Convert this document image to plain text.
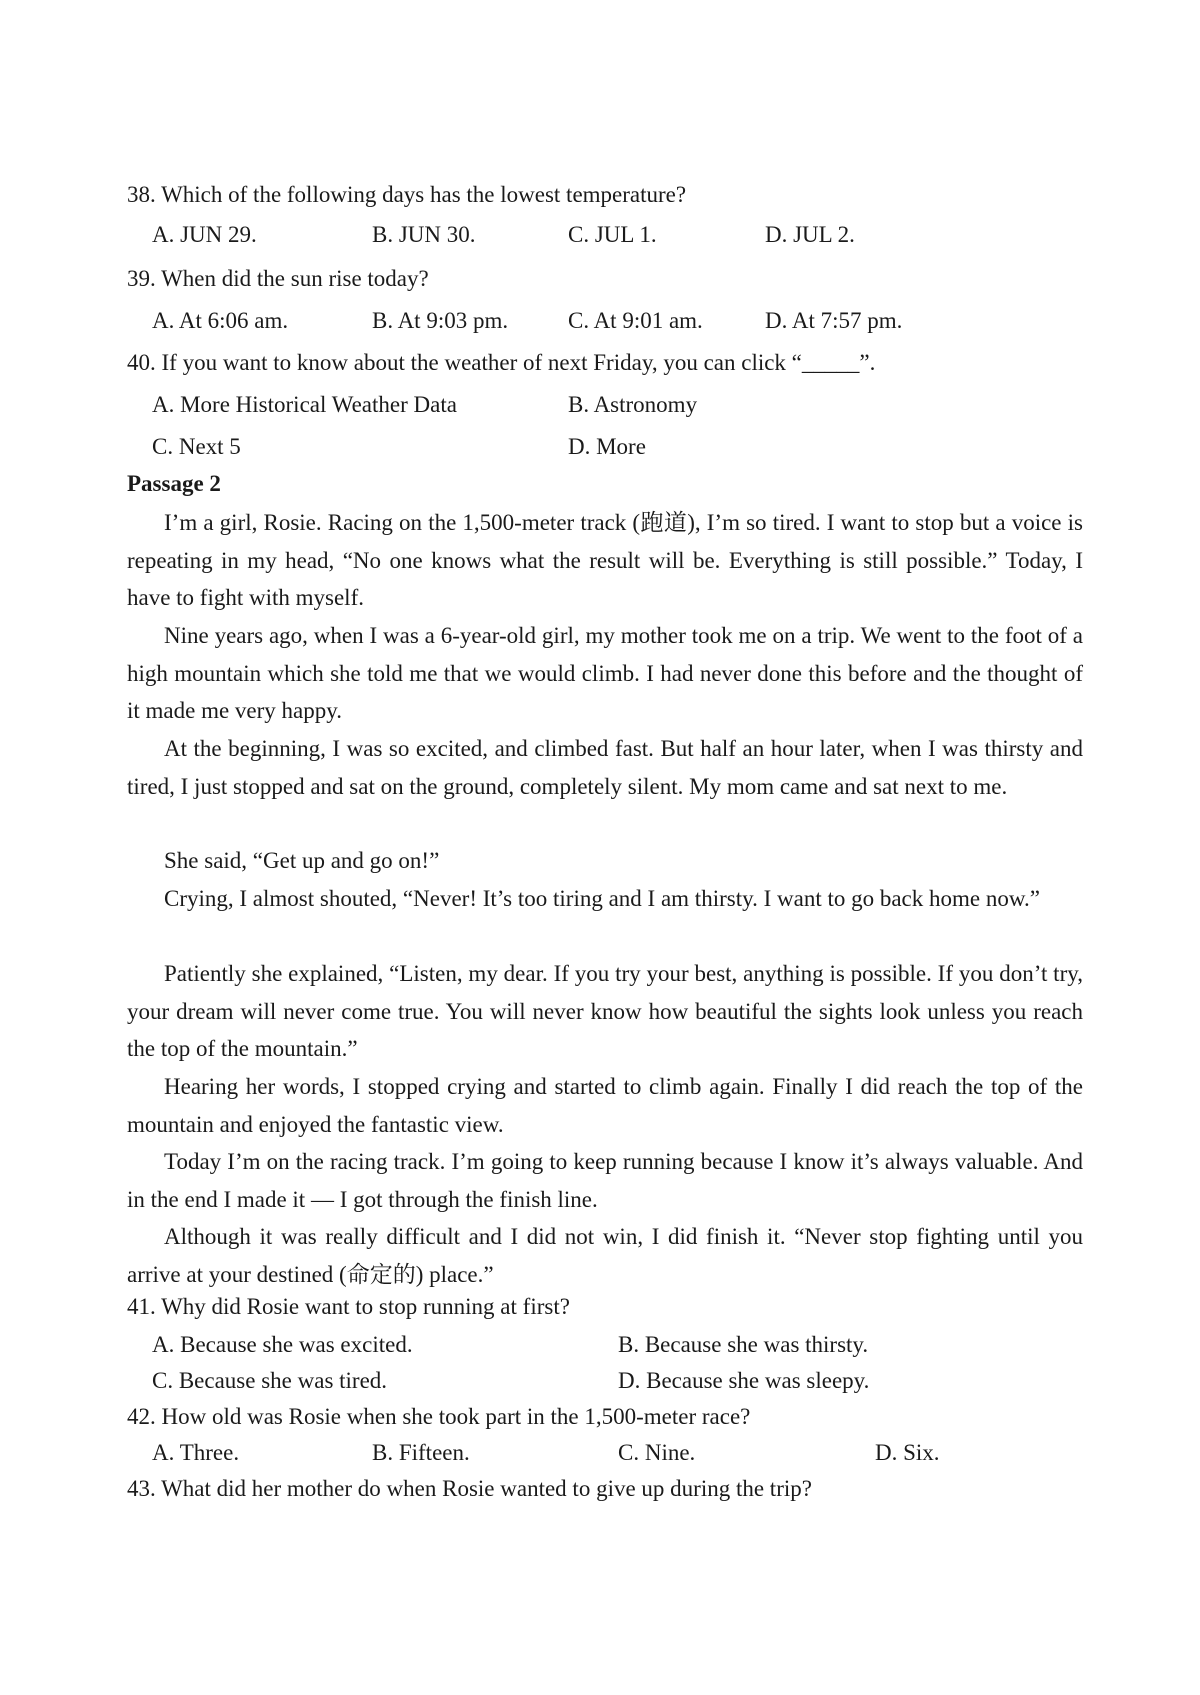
38. Which of the following days has the lowest temperature?
A. JUN 29.	B. JUN 30.	C. JUL 1.	D. JUL 2.
39. When did the sun rise today?
A. At 6:06 am.	B. At 9:03 pm.	C. At 9:01 am.	D. At 7:57 pm.
40. If you want to know about the weather of next Friday, you can click “_____”.
A. More Historical Weather Data	B. Astronomy
C. Next 5	D. More
Passage 2
I’m a girl, Rosie. Racing on the 1,500-meter track (跑道), I’m so tired. I want to stop but a voice is repeating in my head, “No one knows what the result will be. Everything is still possible.” Today, I have to fight with myself.
Nine years ago, when I was a 6-year-old girl, my mother took me on a trip. We went to the foot of a high mountain which she told me that we would climb. I had never done this before and the thought of it made me very happy.
At the beginning, I was so excited, and climbed fast. But half an hour later, when I was thirsty and tired, I just stopped and sat on the ground, completely silent. My mom came and sat next to me.
She said, “Get up and go on!”
Crying, I almost shouted, “Never! It’s too tiring and I am thirsty. I want to go back home now.”
Patiently she explained, “Listen, my dear. If you try your best, anything is possible. If you don’t try, your dream will never come true. You will never know how beautiful the sights look unless you reach the top of the mountain.”
Hearing her words, I stopped crying and started to climb again. Finally I did reach the top of the mountain and enjoyed the fantastic view.
Today I’m on the racing track. I’m going to keep running because I know it’s always valuable. And in the end I made it — I got through the finish line.
Although it was really difficult and I did not win, I did finish it. “Never stop fighting until you arrive at your destined (命定的) place.”
41. Why did Rosie want to stop running at first?
A. Because she was excited.	B. Because she was thirsty.
C. Because she was tired.	D. Because she was sleepy.
42. How old was Rosie when she took part in the 1,500-meter race?
A. Three.	B. Fifteen.	C. Nine.	D. Six.
43. What did her mother do when Rosie wanted to give up during the trip?
